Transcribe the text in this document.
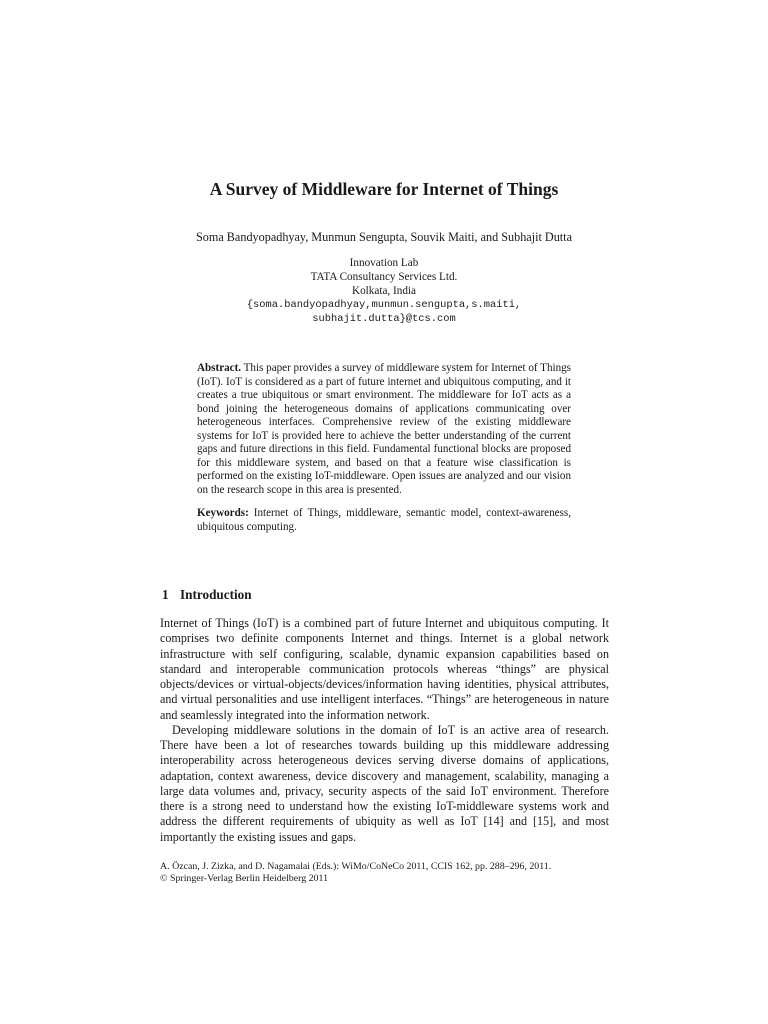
A Survey of Middleware for Internet of Things
Soma Bandyopadhyay, Munmun Sengupta, Souvik Maiti, and Subhajit Dutta
Innovation Lab
TATA Consultancy Services Ltd.
Kolkata, India
{soma.bandyopadhyay,munmun.sengupta,s.maiti,
subhajit.dutta}@tcs.com

Abstract. This paper provides a survey of middleware system for Internet of Things (IoT). IoT is considered as a part of future internet and ubiquitous computing, and it creates a true ubiquitous or smart environment. The middleware for IoT acts as a bond joining the heterogeneous domains of applications communicating over heterogeneous interfaces. Comprehensive review of the existing middleware systems for IoT is provided here to achieve the better understanding of the current gaps and future directions in this field. Fundamental functional blocks are proposed for this middleware system, and based on that a feature wise classification is performed on the existing IoT-middleware. Open issues are analyzed and our vision on the research scope in this area is presented.

Keywords: Internet of Things, middleware, semantic model, context-awareness, ubiquitous computing.

1 Introduction

Internet of Things (IoT) is a combined part of future Internet and ubiquitous computing. It comprises two definite components Internet and things. Internet is a global network infrastructure with self configuring, scalable, dynamic expansion capabilities based on standard and interoperable communication protocols whereas “things” are physical objects/devices or virtual-objects/devices/information having identities, physical attributes, and virtual personalities and use intelligent interfaces. “Things” are heterogeneous in nature and seamlessly integrated into the information network.

Developing middleware solutions in the domain of IoT is an active area of research. There have been a lot of researches towards building up this middleware addressing interoperability across heterogeneous devices serving diverse domains of applications, adaptation, context awareness, device discovery and management, scalability, managing a large data volumes and, privacy, security aspects of the said IoT environment. Therefore there is a strong need to understand how the existing IoT-middleware systems work and address the different requirements of ubiquity as well as IoT [14] and [15], and most importantly the existing issues and gaps.

A. Özcan, J. Zizka, and D. Nagamalai (Eds.): WiMo/CoNeCo 2011, CCIS 162, pp. 288–296, 2011.
© Springer-Verlag Berlin Heidelberg 2011
